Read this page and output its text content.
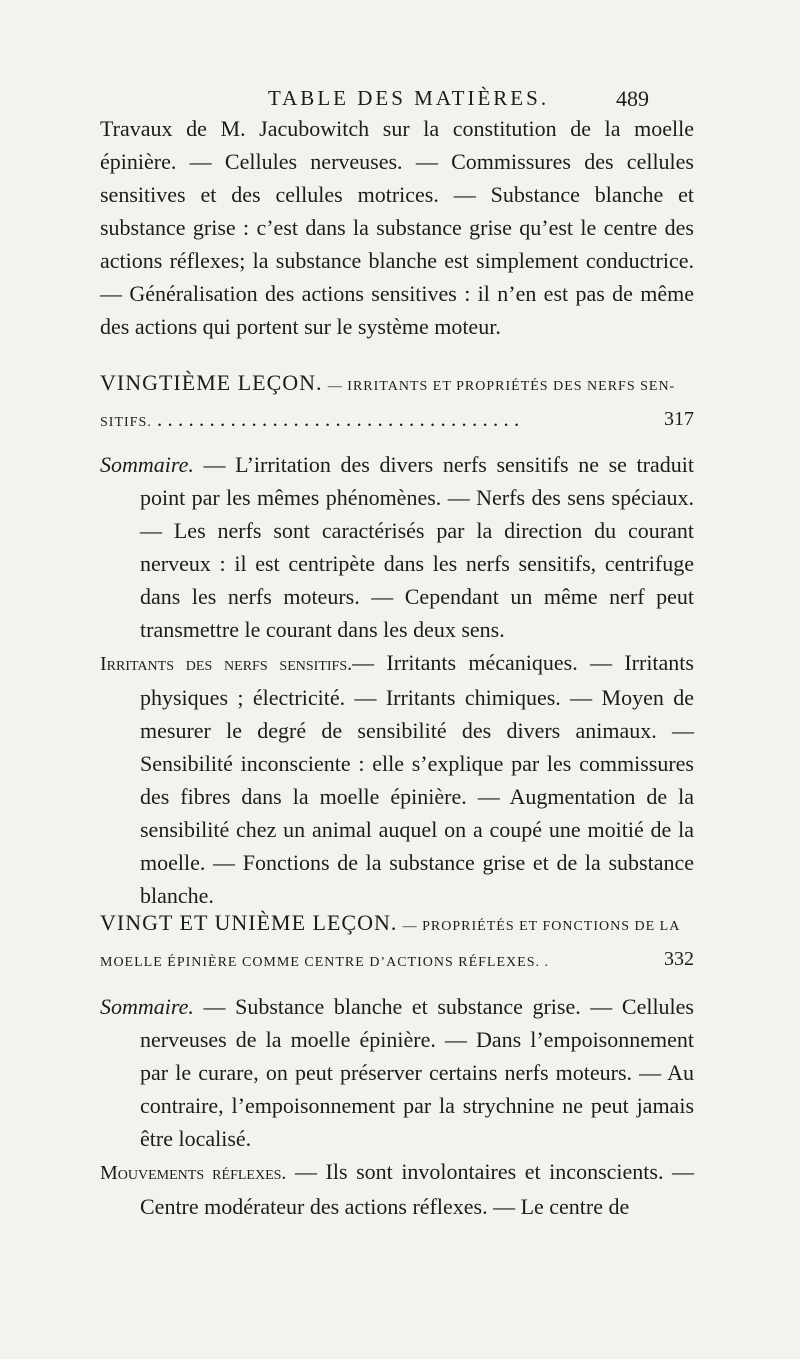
TABLE DES MATIÈRES.	489

Travaux de M. Jacubowitch sur la constitution de la moelle épinière. — Cellules nerveuses. — Commissures des cellules sensitives et des cellules motrices. — Substance blanche et substance grise : c’est dans la substance grise qu’est le centre des actions réflexes; la substance blanche est simplement conductrice. — Généralisation des actions sensitives : il n’en est pas de même des actions qui portent sur le système moteur.

VINGTIÈME LEÇON. — IRRITANTS ET PROPRIÉTÉS DES NERFS SEN-

SITIFS. . . . . . . . . . . . . . . . . . . . . . . . . . . . . . . . . . . .	317

Sommaire. — L’irritation des divers nerfs sensitifs ne se traduit point par les mêmes phénomènes. — Nerfs des sens spéciaux. — Les nerfs sont caractérisés par la direction du courant nerveux : il est centripète dans les nerfs sensitifs, centrifuge dans les nerfs moteurs. — Cependant un même nerf peut transmettre le courant dans les deux sens.

Irritants des nerfs sensitifs.— Irritants mécaniques. — Irritants physiques ; électricité. — Irritants chimiques. — Moyen de mesurer le degré de sensibilité des divers animaux. — Sensibilité inconsciente : elle s’explique par les commissures des fibres dans la moelle épinière. — Augmentation de la sensibilité chez un animal auquel on a coupé une moitié de la moelle. — Fonctions de la substance grise et de la substance blanche.

VINGT ET UNIÈME LEÇON. — PROPRIÉTÉS ET FONCTIONS DE LA

MOELLE ÉPINIÈRE COMME CENTRE D’ACTIONS RÉFLEXES. .	332

Sommaire. — Substance blanche et substance grise. — Cellules nerveuses de la moelle épinière. — Dans l’empoisonnement par le curare, on peut préserver certains nerfs moteurs. — Au contraire, l’empoisonnement par la strychnine ne peut jamais être localisé.

Mouvements réflexes. — Ils sont involontaires et inconscients. — Centre modérateur des actions réflexes. — Le centre de
